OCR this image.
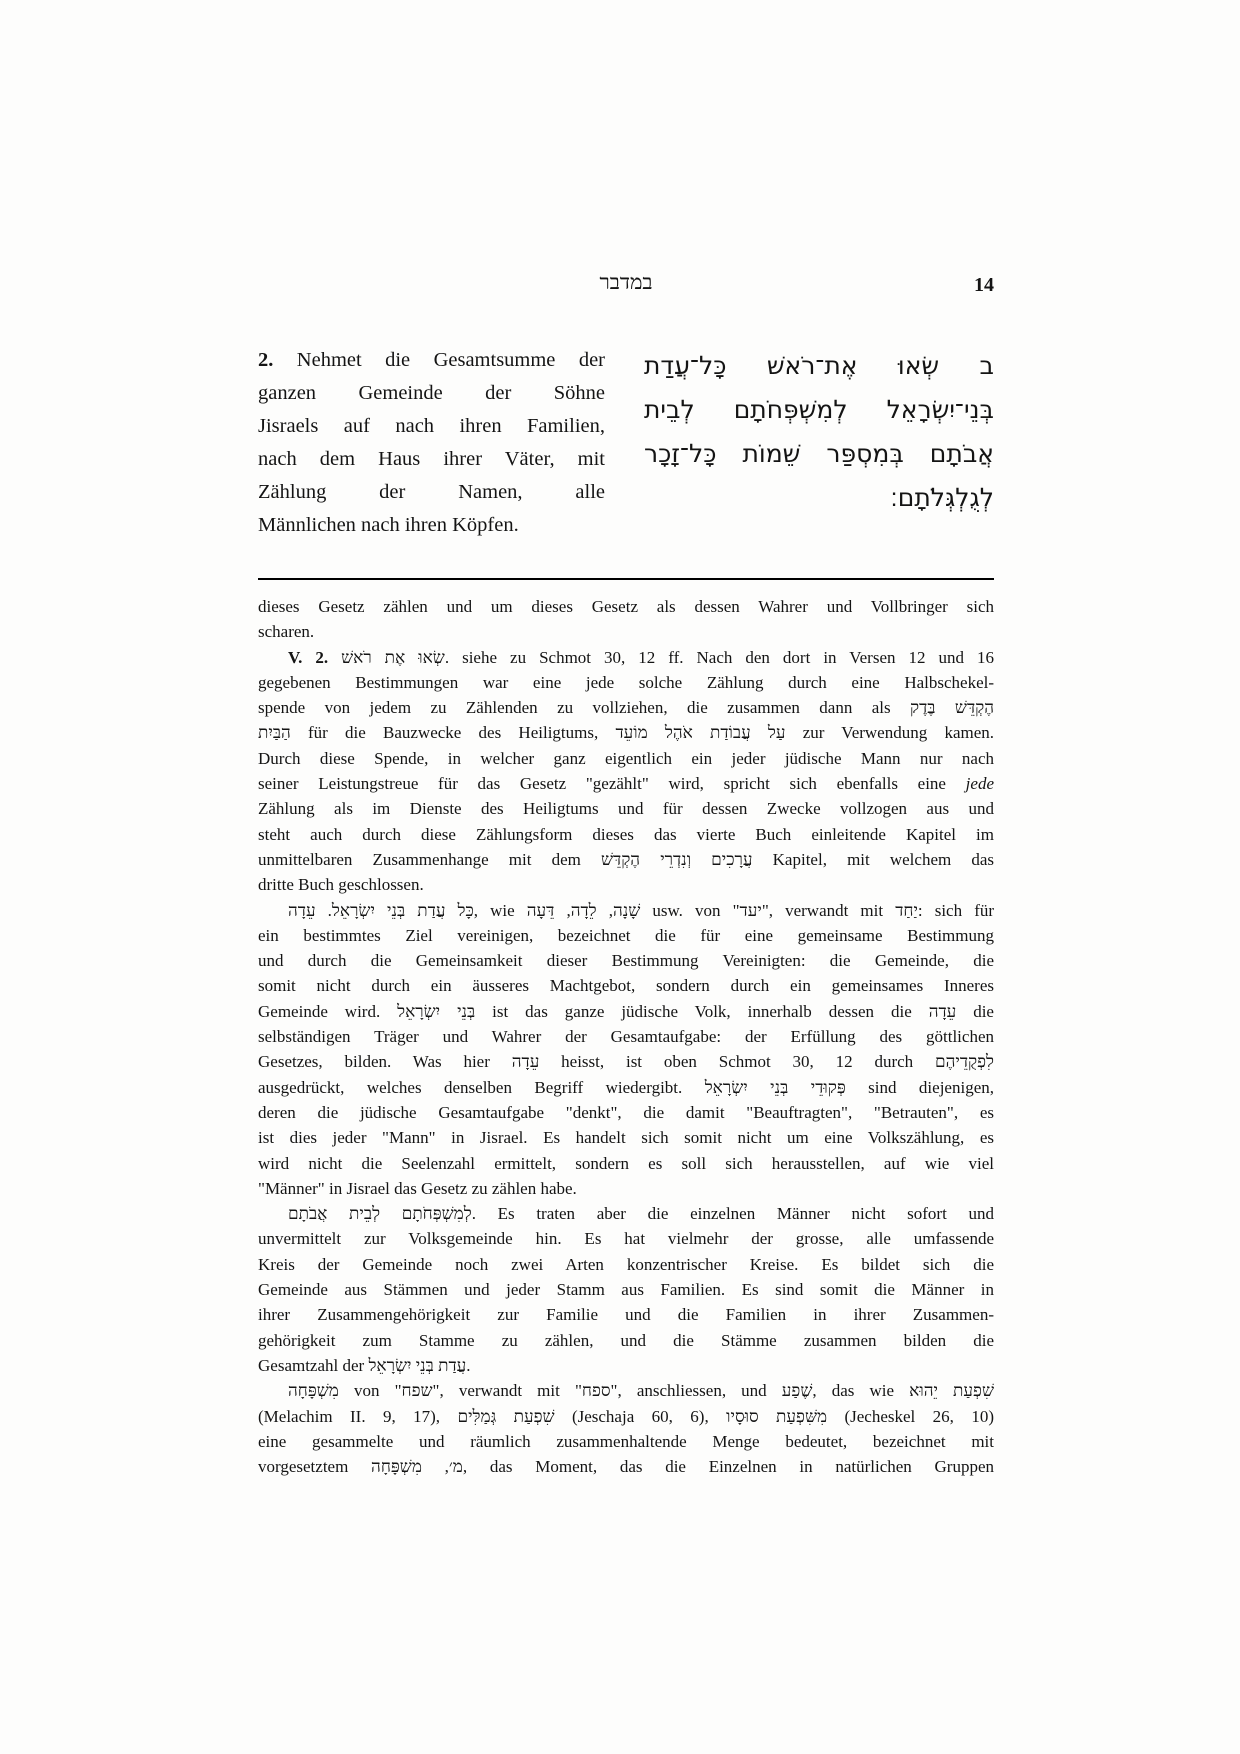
במדבר	14
2. Nehmet die Gesamtsumme der
ganzen Gemeinde der Söhne
Jisraels auf nach ihren Familien,
nach dem Haus ihrer Väter, mit
Zählung der Namen, alle
Männlichen nach ihren Köpfen.
ב שְׂאוּ אֶת־רֹאשׁ כָּל־עֲדַת
בְּנֵי־יִשְׂרָאֵל לְמִשְׁפְּחֹתָם לְבֵית
אֲבֹתָם בְּמִסְפַּר שֵׁמוֹת כָּל־זָכָר
לְגֻלְגְּלֹתָם׃
dieses Gesetz zählen und um dieses Gesetz als dessen Wahrer und Vollbringer sich
scharen.
V. 2. שְׂאוּ אֶת רֹאשׁ. siehe zu Schmot 30, 12 ff. Nach den dort in Versen 12 und 16
gegebenen Bestimmungen war eine jede solche Zählung durch eine Halbschekel-
spende von jedem zu Zählenden zu vollziehen, die zusammen dann als הֶקְדֵּשׁ בֶּדֶק
הַבַּיִת für die Bauzwecke des Heiligtums, עַל עֲבוֹדַת אֹהֶל מוֹעֵד zur Verwendung kamen.
Durch diese Spende, in welcher ganz eigentlich ein jeder jüdische Mann nur nach
seiner Leistungstreue für das Gesetz "gezählt" wird, spricht sich ebenfalls eine jede
Zählung als im Dienste des Heiligtums und für dessen Zwecke vollzogen aus und
steht auch durch diese Zählungsform dieses das vierte Buch einleitende Kapitel im
unmittelbaren Zusammenhange mit dem עֲרָכִים וְנִדְרֵי הֶקְדֵּשׁ Kapitel, mit welchem das
dritte Buch geschlossen.
כָּל עֲדַת בְּנֵי יִשְׂרָאֵל. עֵדָה, wie שָׁנָה, לֵדָה, דֵּעָה usw. von "יעד", verwandt mit יַחַד: sich für
ein bestimmtes Ziel vereinigen, bezeichnet die für eine gemeinsame Bestimmung
und durch die Gemeinsamkeit dieser Bestimmung Vereinigten: die Gemeinde, die
somit nicht durch ein äusseres Machtgebot, sondern durch ein gemeinsames Inneres
Gemeinde wird. בְּנֵי יִשְׂרָאֵל ist das ganze jüdische Volk, innerhalb dessen die עֵדָה die
selbständigen Träger und Wahrer der Gesamtaufgabe: der Erfüllung des göttlichen
Gesetzes, bilden. Was hier עֵדָה heisst, ist oben Schmot 30, 12 durch לִפְקֻדֵיהֶם
ausgedrückt, welches denselben Begriff wiedergibt. פְּקוּדֵי בְּנֵי יִשְׂרָאֵל sind diejenigen,
deren die jüdische Gesamtaufgabe "denkt", die damit "Beauftragten", "Betrauten", es
ist dies jeder "Mann" in Jisrael. Es handelt sich somit nicht um eine Volkszählung, es
wird nicht die Seelenzahl ermittelt, sondern es soll sich herausstellen, auf wie viel
"Männer" in Jisrael das Gesetz zu zählen habe.
לְמִשְׁפְּחֹתָם לְבֵית אֲבֹתָם. Es traten aber die einzelnen Männer nicht sofort und
unvermittelt zur Volksgemeinde hin. Es hat vielmehr der grosse, alle umfassende
Kreis der Gemeinde noch zwei Arten konzentrischer Kreise. Es bildet sich die
Gemeinde aus Stämmen und jeder Stamm aus Familien. Es sind somit die Männer in
ihrer Zusammengehörigkeit zur Familie und die Familien in ihrer Zusammen-
gehörigkeit zum Stamme zu zählen, und die Stämme zusammen bilden die
Gesamtzahl der עֲדַת בְּנֵי יִשְׂרָאֵל.
מִשְׁפָּחָה von "שפח", verwandt mit "ספח", anschliessen, und שֶׁפַע, das wie שִׁפְעַת יֵהוּא
(Melachim II. 9, 17), שִׁפְעַת גְּמַלִּים (Jeschaja 60, 6), מִשִּׁפְעַת סוּסָיו (Jecheskel 26, 10)
eine gesammelte und räumlich zusammenhaltende Menge bedeutet, bezeichnet mit
vorgesetztem מ׳, מִשְׁפָּחָה, das Moment, das die Einzelnen in natürlichen Gruppen
